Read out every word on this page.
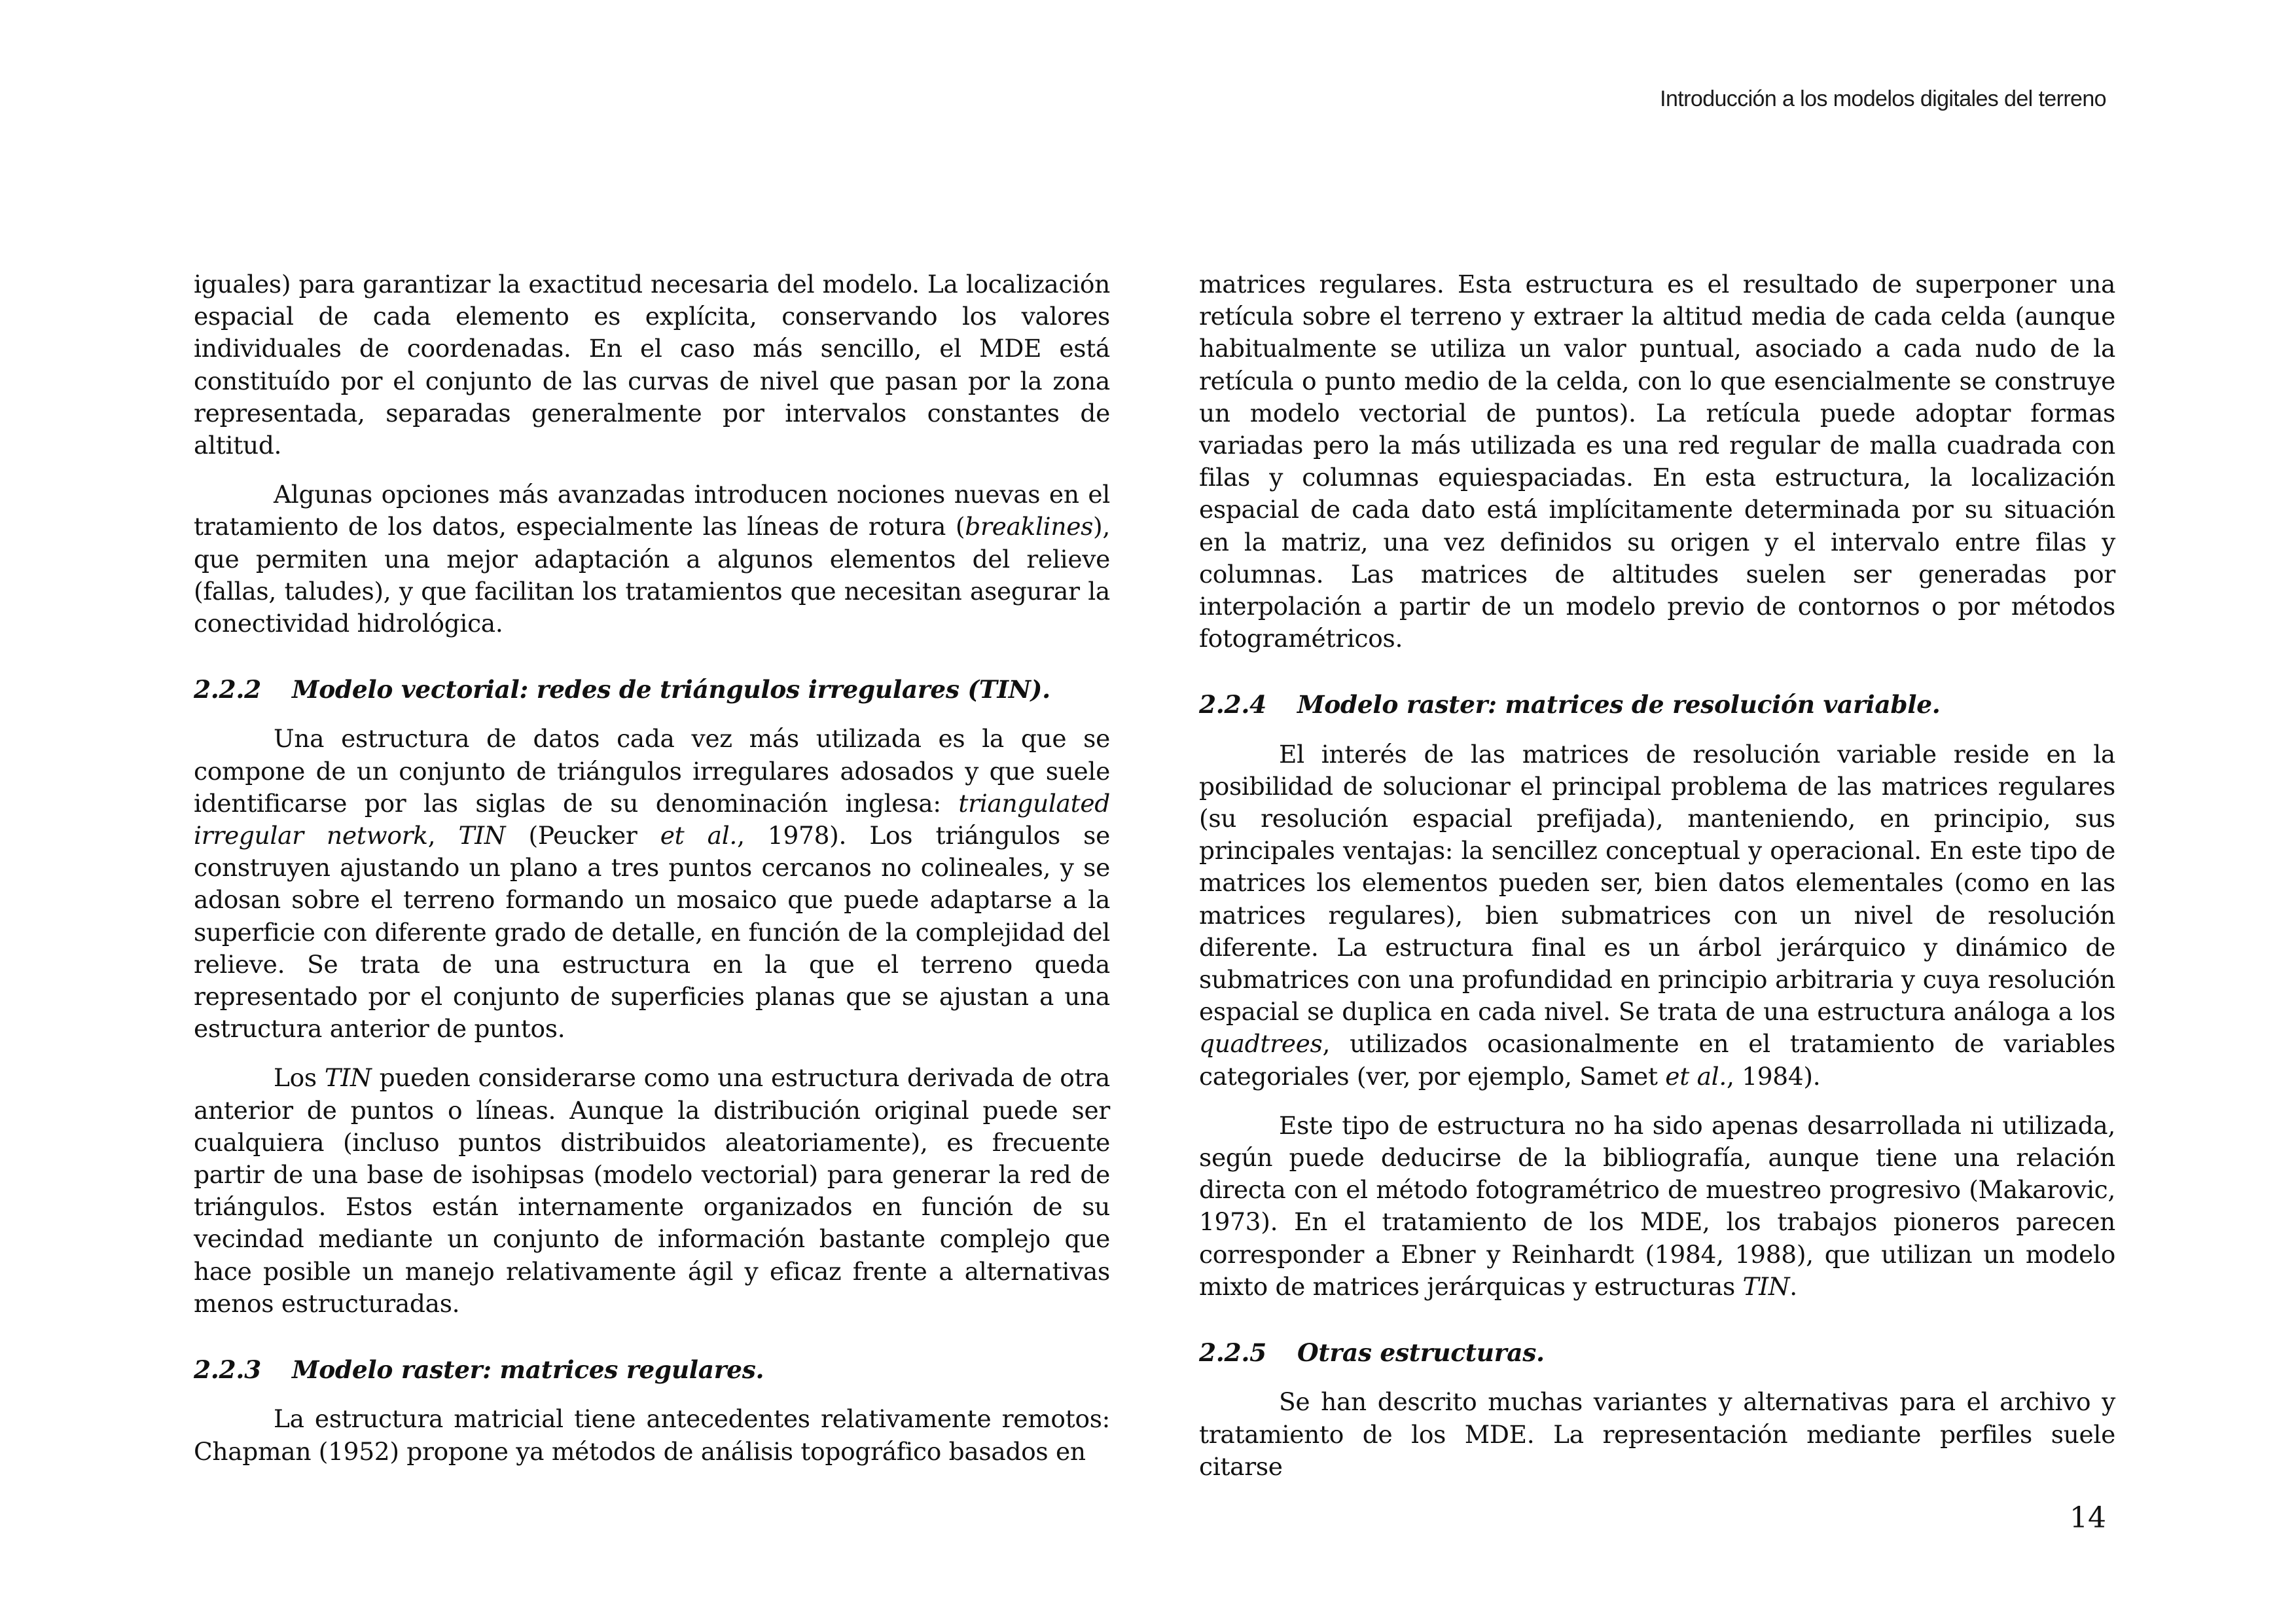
Introducción a los modelos digitales del terreno

iguales) para garantizar la exactitud necesaria del modelo. La localización espacial de cada elemento es explícita, conservando los valores individuales de coordenadas. En el caso más sencillo, el MDE está constituído por el conjunto de las curvas de nivel que pasan por la zona representada, separadas generalmente por intervalos constantes de altitud.

Algunas opciones más avanzadas introducen nociones nuevas en el tratamiento de los datos, especialmente las líneas de rotura (breaklines), que permiten una mejor adaptación a algunos elementos del relieve (fallas, taludes), y que facilitan los tratamientos que necesitan asegurar la conectividad hidrológica.

2.2.2	Modelo vectorial: redes de triángulos irregulares (TIN).

Una estructura de datos cada vez más utilizada es la que se compone de un conjunto de triángulos irregulares adosados y que suele identificarse por las siglas de su denominación inglesa: triangulated irregular network, TIN (Peucker et al., 1978). Los triángulos se construyen ajustando un plano a tres puntos cercanos no colineales, y se adosan sobre el terreno formando un mosaico que puede adaptarse a la superficie con diferente grado de detalle, en función de la complejidad del relieve. Se trata de una estructura en la que el terreno queda representado por el conjunto de superficies planas que se ajustan a una estructura anterior de puntos.

Los TIN pueden considerarse como una estructura derivada de otra anterior de puntos o líneas. Aunque la distribución original puede ser cualquiera (incluso puntos distribuidos aleatoriamente), es frecuente partir de una base de isohipsas (modelo vectorial) para generar la red de triángulos. Estos están internamente organizados en función de su vecindad mediante un conjunto de información bastante complejo que hace posible un manejo relativamente ágil y eficaz frente a alternativas menos estructuradas.

2.2.3	Modelo raster: matrices regulares.

La estructura matricial tiene antecedentes relativamente remotos: Chapman (1952) propone ya métodos de análisis topográfico basados en

matrices regulares. Esta estructura es el resultado de superponer una retícula sobre el terreno y extraer la altitud media de cada celda (aunque habitualmente se utiliza un valor puntual, asociado a cada nudo de la retícula o punto medio de la celda, con lo que esencialmente se construye un modelo vectorial de puntos). La retícula puede adoptar formas variadas pero la más utilizada es una red regular de malla cuadrada con filas y columnas equiespaciadas. En esta estructura, la localización espacial de cada dato está implícitamente determinada por su situación en la matriz, una vez definidos su origen y el intervalo entre filas y columnas. Las matrices de altitudes suelen ser generadas por interpolación a partir de un modelo previo de contornos o por métodos fotogramétricos.

2.2.4	Modelo raster: matrices de resolución variable.

El interés de las matrices de resolución variable reside en la posibilidad de solucionar el principal problema de las matrices regulares (su resolución espacial prefijada), manteniendo, en principio, sus principales ventajas: la sencillez conceptual y operacional. En este tipo de matrices los elementos pueden ser, bien datos elementales (como en las matrices regulares), bien submatrices con un nivel de resolución diferente. La estructura final es un árbol jerárquico y dinámico de submatrices con una profundidad en principio arbitraria y cuya resolución espacial se duplica en cada nivel. Se trata de una estructura análoga a los quadtrees, utilizados ocasionalmente en el tratamiento de variables categoriales (ver, por ejemplo, Samet et al., 1984).

Este tipo de estructura no ha sido apenas desarrollada ni utilizada, según puede deducirse de la bibliografía, aunque tiene una relación directa con el método fotogramétrico de muestreo progresivo (Makarovic, 1973). En el tratamiento de los MDE, los trabajos pioneros parecen corresponder a Ebner y Reinhardt (1984, 1988), que utilizan un modelo mixto de matrices jerárquicas y estructuras TIN.

2.2.5	Otras estructuras.

Se han descrito muchas variantes y alternativas para el archivo y tratamiento de los MDE. La representación mediante perfiles suele citarse

14
